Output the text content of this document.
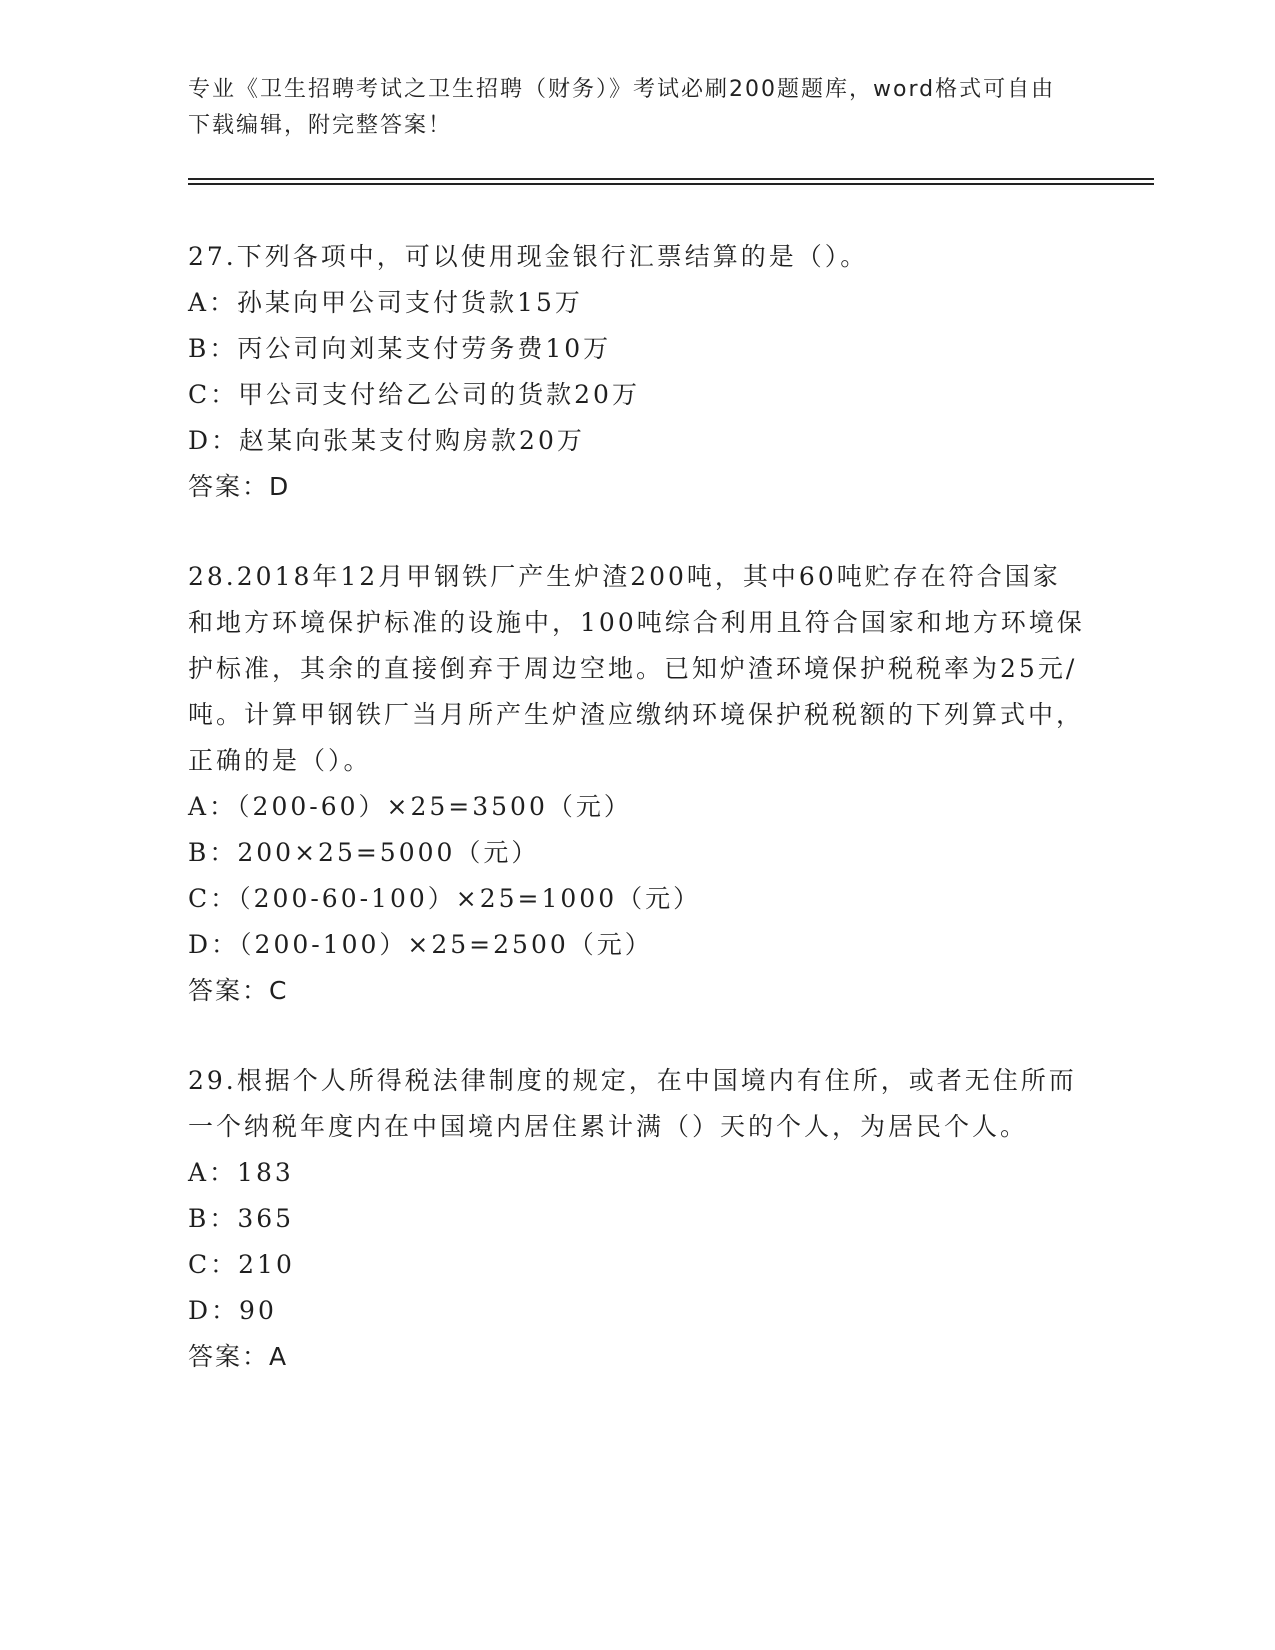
专业《卫生招聘考试之卫生招聘（财务）》考试必刷200题题库，word格式可自由下载编辑，附完整答案！

27.下列各项中，可以使用现金银行汇票结算的是（）。

A：孙某向甲公司支付货款15万

B：丙公司向刘某支付劳务费10万

C：甲公司支付给乙公司的货款20万

D：赵某向张某支付购房款20万

答案：D

28.2018年12月甲钢铁厂产生炉渣200吨，其中60吨贮存在符合国家和地方环境保护标准的设施中，100吨综合利用且符合国家和地方环境保护标准，其余的直接倒弃于周边空地。已知炉渣环境保护税税率为25元/吨。计算甲钢铁厂当月所产生炉渣应缴纳环境保护税税额的下列算式中，正确的是（）。

A：（200-60）×25=3500（元）

B：200×25=5000（元）

C：（200-60-100）×25=1000（元）

D：（200-100）×25=2500（元）

答案：C

29.根据个人所得税法律制度的规定，在中国境内有住所，或者无住所而一个纳税年度内在中国境内居住累计满（）天的个人，为居民个人。

A：183

B：365

C：210

D：90

答案：A
